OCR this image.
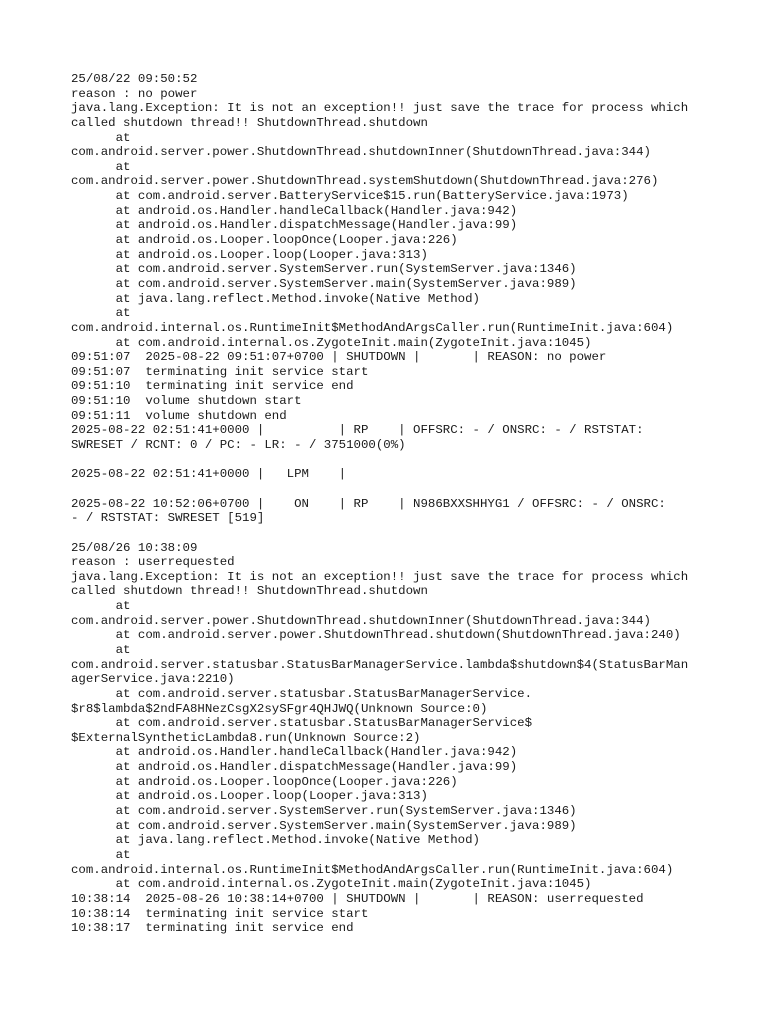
25/08/22 09:50:52
reason : no power
java.lang.Exception: It is not an exception!! just save the trace for process which
called shutdown thread!! ShutdownThread.shutdown
at
com.android.server.power.ShutdownThread.shutdownInner(ShutdownThread.java:344)
at
com.android.server.power.ShutdownThread.systemShutdown(ShutdownThread.java:276)
at com.android.server.BatteryService$15.run(BatteryService.java:1973)
at android.os.Handler.handleCallback(Handler.java:942)
at android.os.Handler.dispatchMessage(Handler.java:99)
at android.os.Looper.loopOnce(Looper.java:226)
at android.os.Looper.loop(Looper.java:313)
at com.android.server.SystemServer.run(SystemServer.java:1346)
at com.android.server.SystemServer.main(SystemServer.java:989)
at java.lang.reflect.Method.invoke(Native Method)
at
com.android.internal.os.RuntimeInit$MethodAndArgsCaller.run(RuntimeInit.java:604)
at com.android.internal.os.ZygoteInit.main(ZygoteInit.java:1045)
09:51:07  2025-08-22 09:51:07+0700 | SHUTDOWN |       | REASON: no power
09:51:07  terminating init service start
09:51:10  terminating init service end
09:51:10  volume shutdown start
09:51:11  volume shutdown end
2025-08-22 02:51:41+0000 |          | RP    | OFFSRC: - / ONSRC: - / RSTSTAT:
SWRESET / RCNT: 0 / PC: - LR: - / 3751000(0%)
2025-08-22 02:51:41+0000 |   LPM    |
2025-08-22 10:52:06+0700 |    ON    | RP    | N986BXXSHHYG1 / OFFSRC: - / ONSRC:
- / RSTSTAT: SWRESET [519]
25/08/26 10:38:09
reason : userrequested
java.lang.Exception: It is not an exception!! just save the trace for process which
called shutdown thread!! ShutdownThread.shutdown
at
com.android.server.power.ShutdownThread.shutdownInner(ShutdownThread.java:344)
at com.android.server.power.ShutdownThread.shutdown(ShutdownThread.java:240)
at
com.android.server.statusbar.StatusBarManagerService.lambda$shutdown$4(StatusBarMan
agerService.java:2210)
at com.android.server.statusbar.StatusBarManagerService.
$r8$lambda$2ndFA8HNezCsgX2sySFgr4QHJWQ(Unknown Source:0)
at com.android.server.statusbar.StatusBarManagerService$
$ExternalSyntheticLambda8.run(Unknown Source:2)
at android.os.Handler.handleCallback(Handler.java:942)
at android.os.Handler.dispatchMessage(Handler.java:99)
at android.os.Looper.loopOnce(Looper.java:226)
at android.os.Looper.loop(Looper.java:313)
at com.android.server.SystemServer.run(SystemServer.java:1346)
at com.android.server.SystemServer.main(SystemServer.java:989)
at java.lang.reflect.Method.invoke(Native Method)
at
com.android.internal.os.RuntimeInit$MethodAndArgsCaller.run(RuntimeInit.java:604)
at com.android.internal.os.ZygoteInit.main(ZygoteInit.java:1045)
10:38:14  2025-08-26 10:38:14+0700 | SHUTDOWN |       | REASON: userrequested
10:38:14  terminating init service start
10:38:17  terminating init service end
